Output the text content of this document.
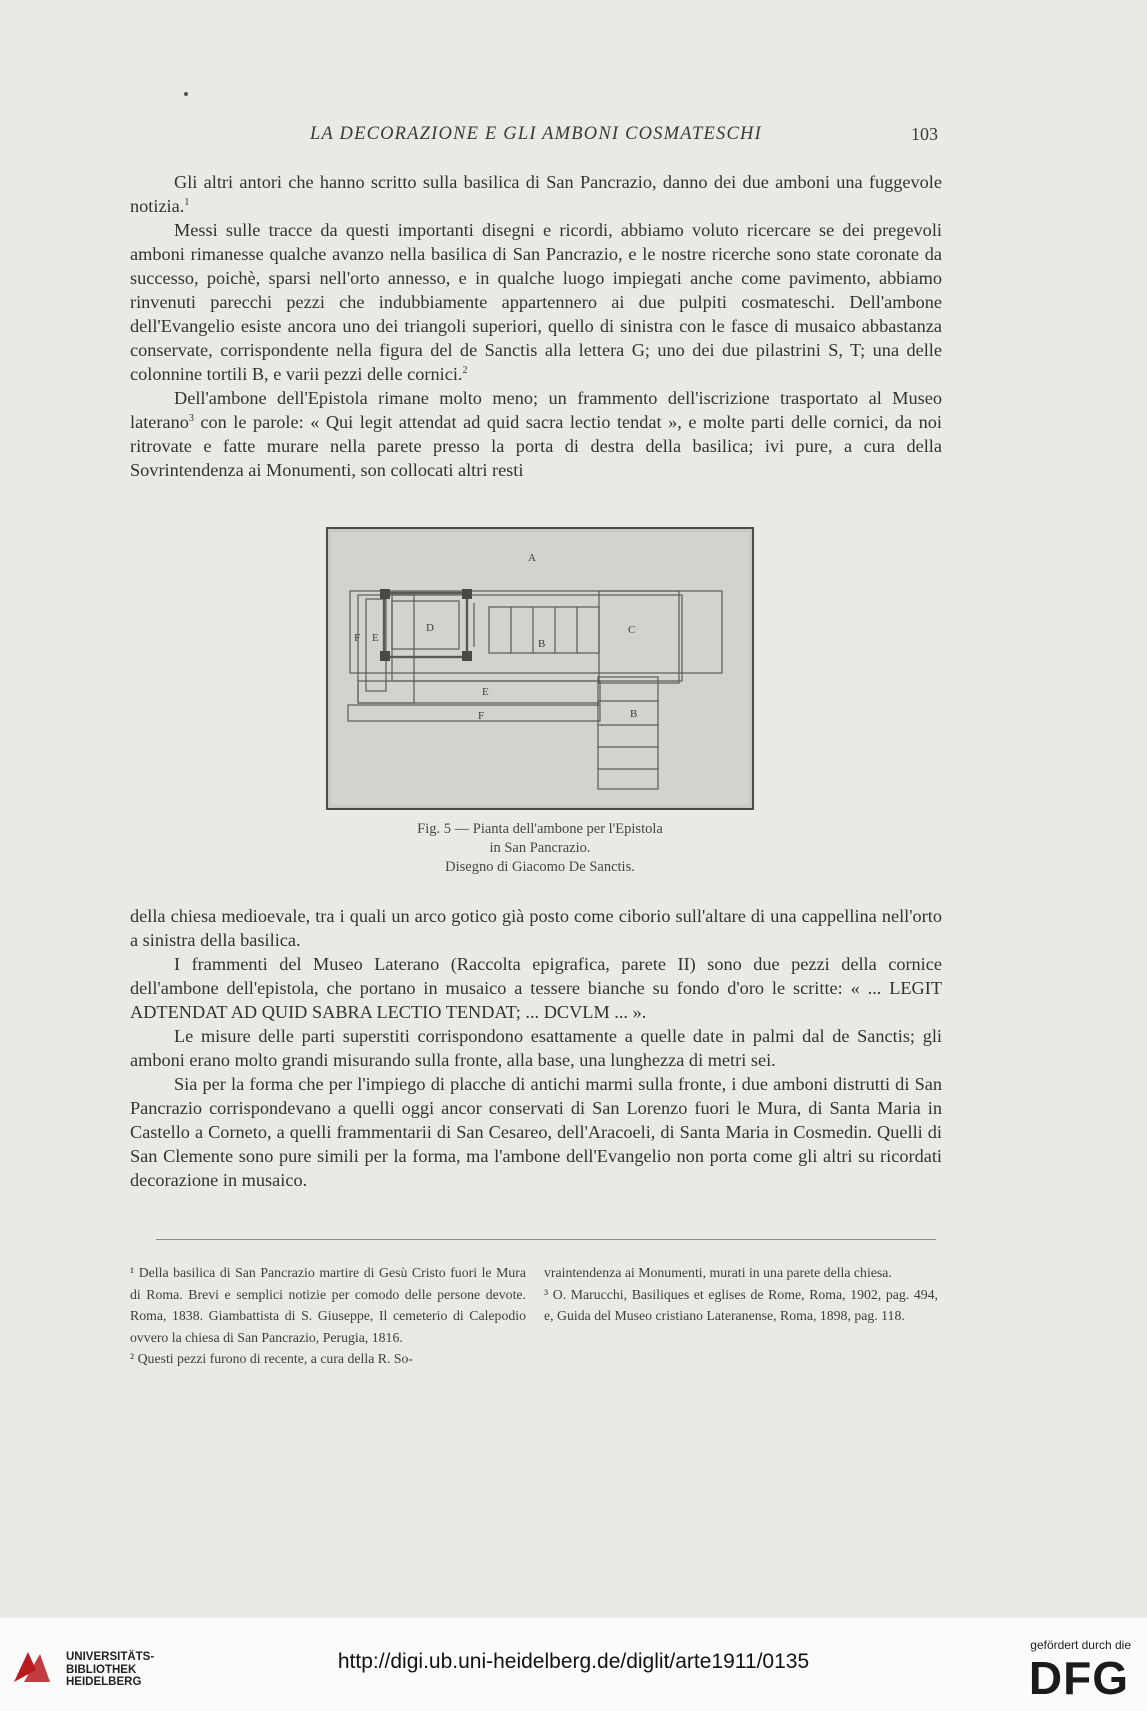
LA DECORAZIONE E GLI AMBONI COSMATESCHI	103

Gli altri antori che hanno scritto sulla basilica di San Pancrazio, danno dei due amboni una fuggevole notizia.$^1$

Messi sulle tracce da questi importanti disegni e ricordi, abbiamo voluto ricercare se dei pregevoli amboni rimanesse qualche avanzo nella basilica di San Pancrazio, e le nostre ricerche sono state coronate da successo, poichè, sparsi nell'orto annesso, e in qualche luogo impiegati anche come pavimento, abbiamo rinvenuti parecchi pezzi che indubbiamente appartennero ai due pulpiti cosmateschi. Dell'ambone dell'Evangelio esiste ancora uno dei triangoli superiori, quello di sinistra con le fasce di musaico abbastanza conservate, corrispondente nella figura del de Sanctis alla lettera G; uno dei due pilastrini S, T; una delle colonnine tortili B, e varii pezzi delle cornici.$^2$

Dell'ambone dell'Epistola rimane molto meno; un frammento dell'iscrizione trasportato al Museo laterano$^3$ con le parole: « Qui legit attendat ad quid sacra lectio tendat », e molte parti delle cornici, da noi ritrovate e fatte murare nella parete presso la porta di destra della basilica; ivi pure, a cura della Sovrintendenza ai Monumenti, son collocati altri resti

A
D
E
F	B
C
E
F	B
Fig. 5 — Pianta dell'ambone per l'Epistola
in San Pancrazio.
Disegno di Giacomo De Sanctis.

della chiesa medioevale, tra i quali un arco gotico già posto come ciborio sull'altare di una cappellina nell'orto a sinistra della basilica.

I frammenti del Museo Laterano (Raccolta epigrafica, parete II) sono due pezzi della cornice dell'ambone dell'epistola, che portano in musaico a tessere bianche su fondo d'oro le scritte: « ... LEGIT ADTENDAT AD QUID SABRA LECTIO TENDAT; ... DCVLM ... ».

Le misure delle parti superstiti corrispondono esattamente a quelle date in palmi dal de Sanctis; gli amboni erano molto grandi misurando sulla fronte, alla base, una lunghezza di metri sei.

Sia per la forma che per l'impiego di placche di antichi marmi sulla fronte, i due amboni distrutti di San Pancrazio corrispondevano a quelli oggi ancor conservati di San Lorenzo fuori le Mura, di Santa Maria in Castello a Corneto, a quelli frammentarii di San Cesareo, dell'Aracoeli, di Santa Maria in Cosmedin. Quelli di San Clemente sono pure simili per la forma, ma l'ambone dell'Evangelio non porta come gli altri su ricordati decorazione in musaico.

¹ Della basilica di San Pancrazio martire di Gesù Cristo fuori le Mura di Roma. Brevi e semplici notizie per comodo delle persone devote. Roma, 1838. Giambattista di S. Giuseppe, Il cemeterio di Calepodio ovvero la chiesa di San Pancrazio, Perugia, 1816.

² Questi pezzi furono di recente, a cura della R. So-

vraintendenza ai Monumenti, murati in una parete della chiesa.

³ O. Marucchi, Basiliques et eglises de Rome, Roma, 1902, pag. 494, e, Guida del Museo cristiano Lateranense, Roma, 1898, pag. 118.

UNIVERSITÄTS-
BIBLIOTHEK
HEIDELBERG
http://digi.ub.uni-heidelberg.de/diglit/arte1911/0135
gefördert durch die
DFG
